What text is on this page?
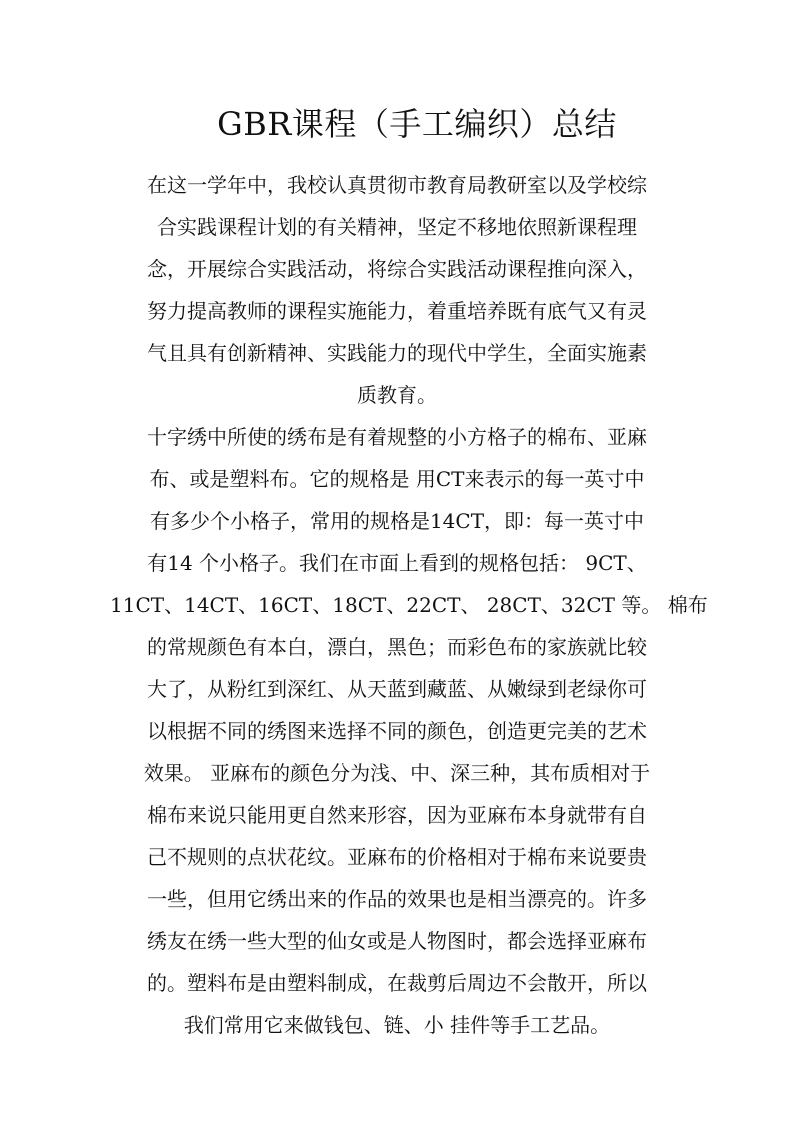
GBR课程（手工编织）总结
在这一学年中，我校认真贯彻市教育局教研室以及学校综
合实践课程计划的有关精神，坚定不移地依照新课程理
念，开展综合实践活动，将综合实践活动课程推向深入，
努力提高教师的课程实施能力，着重培养既有底气又有灵
气且具有创新精神、实践能力的现代中学生，全面实施素
质教育。
十字绣中所使的绣布是有着规整的小方格子的棉布、亚麻
布、或是塑料布。它的规格是 用CT来表示的每一英寸中
有多少个小格子，常用的规格是14CT，即：每一英寸中
有14 个小格子。我们在市面上看到的规格包括： 9CT、
11CT、14CT、16CT、18CT、22CT、 28CT、32CT 等。 棉布
的常规颜色有本白，漂白，黑色；而彩色布的家族就比较
大了，从粉红到深红、从天蓝到藏蓝、从嫩绿到老绿你可
以根据不同的绣图来选择不同的颜色，创造更完美的艺术
效果。 亚麻布的颜色分为浅、中、深三种，其布质相对于
棉布来说只能用更自然来形容，因为亚麻布本身就带有自
己不规则的点状花纹。亚麻布的价格相对于棉布来说要贵
一些，但用它绣出来的作品的效果也是相当漂亮的。许多
绣友在绣一些大型的仙女或是人物图时，都会选择亚麻布
的。塑料布是由塑料制成，在裁剪后周边不会散开，所以
我们常用它来做钱包、链、小 挂件等手工艺品。
